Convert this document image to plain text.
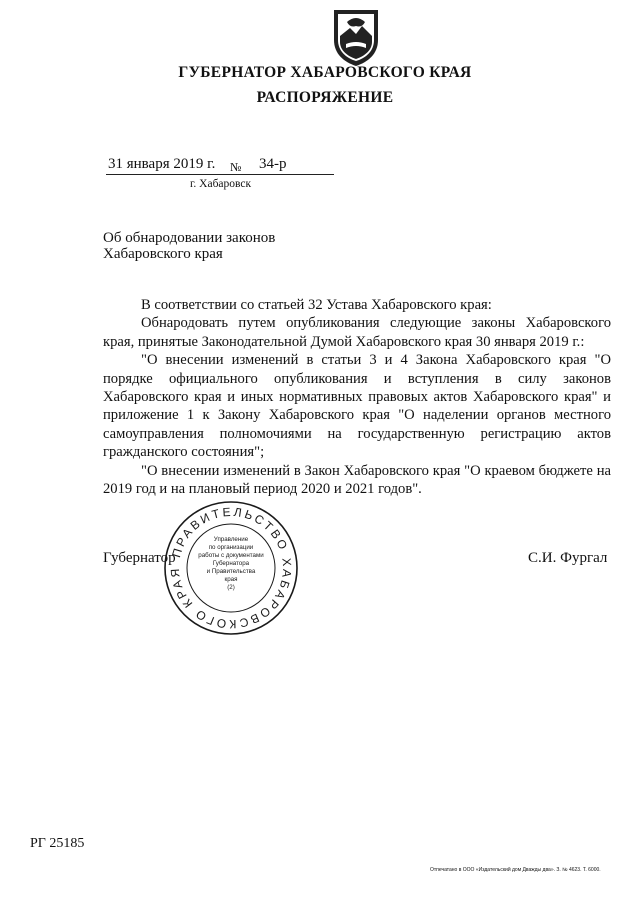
ГУБЕРНАТОР ХАБАРОВСКОГО КРАЯ
РАСПОРЯЖЕНИЕ
31 января 2019 г. № 34-р
г. Хабаровск
Об обнародовании законов
Хабаровского края

В соответствии со статьей 32 Устава Хабаровского края:

Обнародовать путем опубликования следующие законы Хабаровского края, принятые Законодательной Думой Хабаровского края 30 января 2019 г.:

"О внесении изменений в статьи 3 и 4 Закона Хабаровского края "О порядке официального опубликования и вступления в силу законов Хабаровского края и иных нормативных правовых актов Хабаровского края" и приложение 1 к Закону Хабаровского края "О наделении органов местного самоуправления полномочиями на государственную регистрацию актов гражданского состояния";

"О внесении изменений в Закон Хабаровского края "О краевом бюджете на 2019 год и на плановый период 2020 и 2021 годов".

Губернатор	С.И. Фургал
ПРАВИТЕЛЬСТВО ХАБАРОВСКОГО КРАЯ
Управление
по организации
работы с документами
Губернатора
и Правительства
края
(2)
РГ 25185
Отпечатано в ООО «Издательский дом Дважды два». З. № 4623. Т. 6000.
